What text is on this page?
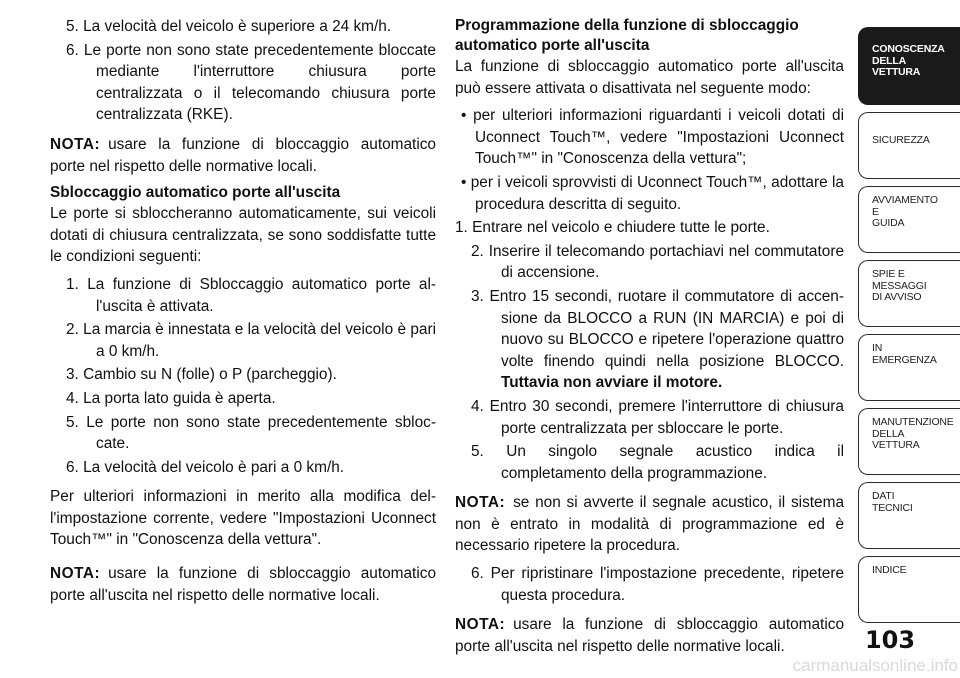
5. La velocità del veicolo è superiore a 24 km/h.

6. Le porte non sono state precedentemente bloccate mediante l'interruttore chiusura porte centralizzata o il telecomando chiusura porte centralizzata (RKE).

NOTA: usare la funzione di bloccaggio automatico porte nel rispetto delle normative locali.

Sbloccaggio automatico porte all'uscita

Le porte si sbloccheranno automaticamente, sui veicoli dotati di chiusura centralizzata, se sono soddisfatte tutte le condizioni seguenti:

1. La funzione di Sbloccaggio automatico porte all'uscita è attivata.

2. La marcia è innestata e la velocità del veicolo è pari a 0 km/h.

3. Cambio su N (folle) o P (parcheggio).

4. La porta lato guida è aperta.

5. Le porte non sono state precedentemente sbloccate.

6. La velocità del veicolo è pari a 0 km/h.

Per ulteriori informazioni in merito alla modifica dell'impostazione corrente, vedere "Impostazioni Uconnect Touch™" in "Conoscenza della vettura".

NOTA: usare la funzione di sbloccaggio automatico porte all'uscita nel rispetto delle normative locali.

Programmazione della funzione di sbloccaggio automatico porte all'uscita

La funzione di sbloccaggio automatico porte all'uscita può essere attivata o disattivata nel seguente modo:

• per ulteriori informazioni riguardanti i veicoli dotati di Uconnect Touch™, vedere "Impostazioni Uconnect Touch™" in "Conoscenza della vettura";

• per i veicoli sprovvisti di Uconnect Touch™, adottare la procedura descritta di seguito.

1. Entrare nel veicolo e chiudere tutte le porte.

2. Inserire il telecomando portachiavi nel commutatore di accensione.

3. Entro 15 secondi, ruotare il commutatore di accensione da BLOCCO a RUN (IN MARCIA) e poi di nuovo su BLOCCO e ripetere l'operazione quattro volte finendo quindi nella posizione BLOCCO. Tuttavia non avviare il motore.

4. Entro 30 secondi, premere l'interruttore di chiusura porte centralizzata per sbloccare le porte.

5. Un singolo segnale acustico indica il completamento della programmazione.

NOTA: se non si avverte il segnale acustico, il sistema non è entrato in modalità di programmazione ed è necessario ripetere la procedura.

6. Per ripristinare l'impostazione precedente, ripetere questa procedura.

NOTA: usare la funzione di sbloccaggio automatico porte all'uscita nel rispetto delle normative locali.

CONOSCENZA
DELLA
VETTURA
SICUREZZA
AVVIAMENTO
E
GUIDA
SPIE E
MESSAGGI
DI AVVISO
IN
EMERGENZA
MANUTENZIONE
DELLA
VETTURA
DATI
TECNICI
INDICE
103
carmanualsonline.info
